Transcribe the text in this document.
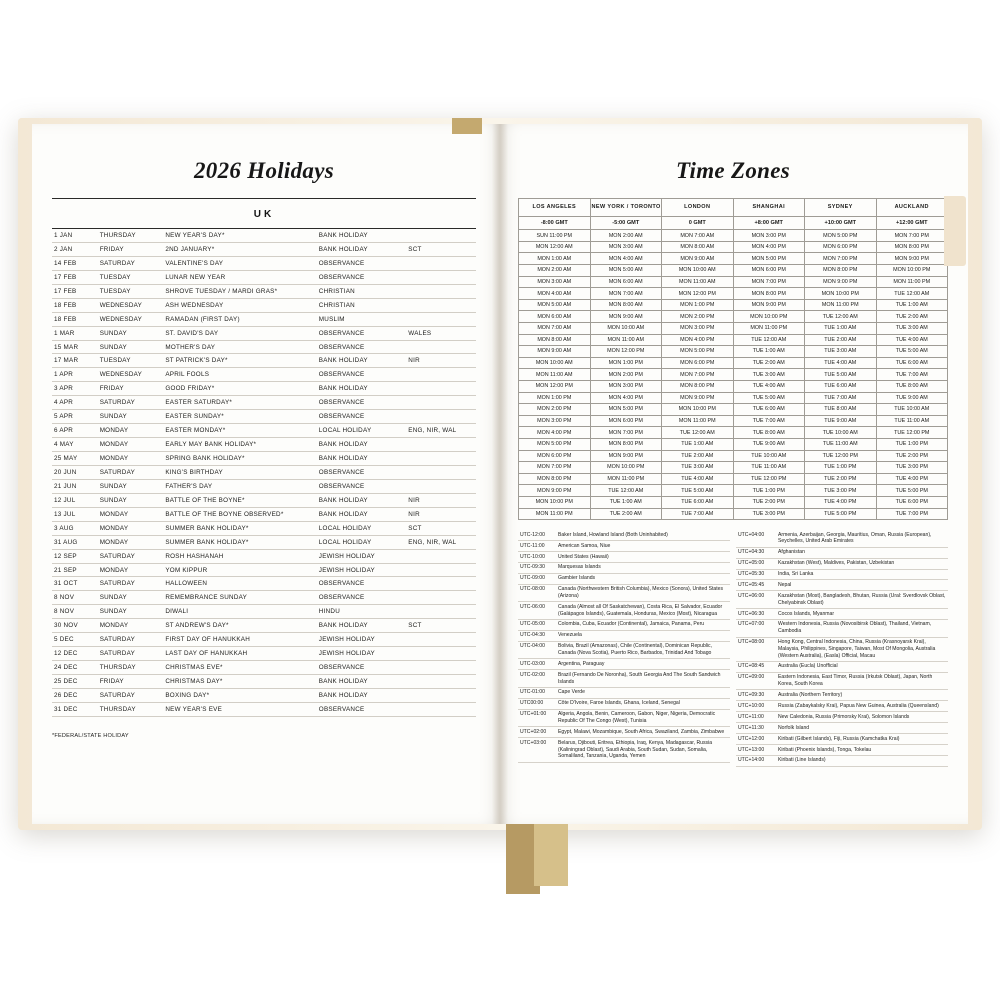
2026 Holidays
UK
1 JAN	THURSDAY	NEW YEAR'S DAY*	BANK HOLIDAY	
2 JAN	FRIDAY	2ND JANUARY*	BANK HOLIDAY	SCT
14 FEB	SATURDAY	VALENTINE'S DAY	OBSERVANCE	
17 FEB	TUESDAY	LUNAR NEW YEAR	OBSERVANCE	
17 FEB	TUESDAY	SHROVE TUESDAY / MARDI GRAS*	CHRISTIAN	
18 FEB	WEDNESDAY	ASH WEDNESDAY	CHRISTIAN	
18 FEB	WEDNESDAY	RAMADAN (FIRST DAY)	MUSLIM	
1 MAR	SUNDAY	ST. DAVID'S DAY	OBSERVANCE	WALES
15 MAR	SUNDAY	MOTHER'S DAY	OBSERVANCE	
17 MAR	TUESDAY	ST PATRICK'S DAY*	BANK HOLIDAY	NIR
1 APR	WEDNESDAY	APRIL FOOLS	OBSERVANCE	
3 APR	FRIDAY	GOOD FRIDAY*	BANK HOLIDAY	
4 APR	SATURDAY	EASTER SATURDAY*	OBSERVANCE	
5 APR	SUNDAY	EASTER SUNDAY*	OBSERVANCE	
6 APR	MONDAY	EASTER MONDAY*	LOCAL HOLIDAY	ENG, NIR, WAL
4 MAY	MONDAY	EARLY MAY BANK HOLIDAY*	BANK HOLIDAY	
25 MAY	MONDAY	SPRING BANK HOLIDAY*	BANK HOLIDAY	
20 JUN	SATURDAY	KING'S BIRTHDAY	OBSERVANCE	
21 JUN	SUNDAY	FATHER'S DAY	OBSERVANCE	
12 JUL	SUNDAY	BATTLE OF THE BOYNE*	BANK HOLIDAY	NIR
13 JUL	MONDAY	BATTLE OF THE BOYNE OBSERVED*	BANK HOLIDAY	NIR
3 AUG	MONDAY	SUMMER BANK HOLIDAY*	LOCAL HOLIDAY	SCT
31 AUG	MONDAY	SUMMER BANK HOLIDAY*	LOCAL HOLIDAY	ENG, NIR, WAL
12 SEP	SATURDAY	ROSH HASHANAH	JEWISH HOLIDAY	
21 SEP	MONDAY	YOM KIPPUR	JEWISH HOLIDAY	
31 OCT	SATURDAY	HALLOWEEN	OBSERVANCE	
8 NOV	SUNDAY	REMEMBRANCE SUNDAY	OBSERVANCE	
8 NOV	SUNDAY	DIWALI	HINDU	
30 NOV	MONDAY	ST ANDREW'S DAY*	BANK HOLIDAY	SCT
5 DEC	SATURDAY	FIRST DAY OF HANUKKAH	JEWISH HOLIDAY	
12 DEC	SATURDAY	LAST DAY OF HANUKKAH	JEWISH HOLIDAY	
24 DEC	THURSDAY	CHRISTMAS EVE*	OBSERVANCE	
25 DEC	FRIDAY	CHRISTMAS DAY*	BANK HOLIDAY	
26 DEC	SATURDAY	BOXING DAY*	BANK HOLIDAY	
31 DEC	THURSDAY	NEW YEAR'S EVE	OBSERVANCE	
*FEDERAL/STATE HOLIDAY
Time Zones
LOS ANGELES	NEW YORK / TORONTO	LONDON	SHANGHAI	SYDNEY	AUCKLAND
-8:00 GMT	-5:00 GMT	0 GMT	+8:00 GMT	+10:00 GMT	+12:00 GMT
SUN 11:00 PM	MON 2:00 AM	MON 7:00 AM	MON 3:00 PM	MON 5:00 PM	MON 7:00 PM
MON 12:00 AM	MON 3:00 AM	MON 8:00 AM	MON 4:00 PM	MON 6:00 PM	MON 8:00 PM
MON 1:00 AM	MON 4:00 AM	MON 9:00 AM	MON 5:00 PM	MON 7:00 PM	MON 9:00 PM
MON 2:00 AM	MON 5:00 AM	MON 10:00 AM	MON 6:00 PM	MON 8:00 PM	MON 10:00 PM
MON 3:00 AM	MON 6:00 AM	MON 11:00 AM	MON 7:00 PM	MON 9:00 PM	MON 11:00 PM
MON 4:00 AM	MON 7:00 AM	MON 12:00 PM	MON 8:00 PM	MON 10:00 PM	TUE 12:00 AM
MON 5:00 AM	MON 8:00 AM	MON 1:00 PM	MON 9:00 PM	MON 11:00 PM	TUE 1:00 AM
MON 6:00 AM	MON 9:00 AM	MON 2:00 PM	MON 10:00 PM	TUE 12:00 AM	TUE 2:00 AM
MON 7:00 AM	MON 10:00 AM	MON 3:00 PM	MON 11:00 PM	TUE 1:00 AM	TUE 3:00 AM
MON 8:00 AM	MON 11:00 AM	MON 4:00 PM	TUE 12:00 AM	TUE 2:00 AM	TUE 4:00 AM
MON 9:00 AM	MON 12:00 PM	MON 5:00 PM	TUE 1:00 AM	TUE 3:00 AM	TUE 5:00 AM
MON 10:00 AM	MON 1:00 PM	MON 6:00 PM	TUE 2:00 AM	TUE 4:00 AM	TUE 6:00 AM
MON 11:00 AM	MON 2:00 PM	MON 7:00 PM	TUE 3:00 AM	TUE 5:00 AM	TUE 7:00 AM
MON 12:00 PM	MON 3:00 PM	MON 8:00 PM	TUE 4:00 AM	TUE 6:00 AM	TUE 8:00 AM
MON 1:00 PM	MON 4:00 PM	MON 9:00 PM	TUE 5:00 AM	TUE 7:00 AM	TUE 9:00 AM
MON 2:00 PM	MON 5:00 PM	MON 10:00 PM	TUE 6:00 AM	TUE 8:00 AM	TUE 10:00 AM
MON 3:00 PM	MON 6:00 PM	MON 11:00 PM	TUE 7:00 AM	TUE 9:00 AM	TUE 11:00 AM
MON 4:00 PM	MON 7:00 PM	TUE 12:00 AM	TUE 8:00 AM	TUE 10:00 AM	TUE 12:00 PM
MON 5:00 PM	MON 8:00 PM	TUE 1:00 AM	TUE 9:00 AM	TUE 11:00 AM	TUE 1:00 PM
MON 6:00 PM	MON 9:00 PM	TUE 2:00 AM	TUE 10:00 AM	TUE 12:00 PM	TUE 2:00 PM
MON 7:00 PM	MON 10:00 PM	TUE 3:00 AM	TUE 11:00 AM	TUE 1:00 PM	TUE 3:00 PM
MON 8:00 PM	MON 11:00 PM	TUE 4:00 AM	TUE 12:00 PM	TUE 2:00 PM	TUE 4:00 PM
MON 9:00 PM	TUE 12:00 AM	TUE 5:00 AM	TUE 1:00 PM	TUE 3:00 PM	TUE 5:00 PM
MON 10:00 PM	TUE 1:00 AM	TUE 6:00 AM	TUE 2:00 PM	TUE 4:00 PM	TUE 6:00 PM
MON 11:00 PM	TUE 2:00 AM	TUE 7:00 AM	TUE 3:00 PM	TUE 5:00 PM	TUE 7:00 PM
UTC-12:00	Baker Island, Howland Island (Both Uninhabited)
UTC-11:00	American Samoa, Niue
UTC-10:00	United States (Hawaii)
UTC-09:30	Marquesas Islands
UTC-09:00	Gambier Islands
UTC-08:00	Canada (Northwestern British Columbia), Mexico (Sonora), United States (Arizona)
UTC-06:00	Canada (Almost all Of Saskatchewan), Costa Rica, El Salvador, Ecuador (Galápagos Islands), Guatemala, Honduras, Mexico (Most), Nicaragua
UTC-05:00	Colombia, Cuba, Ecuador (Continental), Jamaica, Panama, Peru
UTC-04:30	Venezuela
UTC-04:00	Bolivia, Brazil (Amazonas), Chile (Continental), Dominican Republic, Canada (Nova Scotia), Puerto Rico, Barbados, Trinidad And Tobago
UTC-03:00	Argentina, Paraguay
UTC-02:00	Brazil (Fernando De Noronha), South Georgia And The South Sandwich Islands
UTC-01:00	Cape Verde
UTC00:00	Côte D'Ivoire, Faroe Islands, Ghana, Iceland, Senegal
UTC+01:00	Algeria, Angola, Benin, Cameroon, Gabon, Niger, Nigeria, Democratic Republic Of The Congo (West), Tunisia
UTC+02:00	Egypt, Malawi, Mozambique, South Africa, Swaziland, Zambia, Zimbabwe
UTC+03:00	Belarus, Djibouti, Eritrea, Ethiopia, Iraq, Kenya, Madagascar, Russia (Kaliningrad Oblast), Saudi Arabia, South Sudan, Sudan, Somalia, Somaliland, Tanzania, Uganda, Yemen
UTC+04:00	Armenia, Azerbaijan, Georgia, Mauritius, Oman, Russia (European), Seychelles, United Arab Emirates
UTC+04:30	Afghanistan
UTC+05:00	Kazakhstan (West), Maldives, Pakistan, Uzbekistan
UTC+05:30	India, Sri Lanka
UTC+05:45	Nepal
UTC+06:00	Kazakhstan (Most), Bangladesh, Bhutan, Russia (Ural: Sverdlovsk Oblast, Chelyabinsk Oblast)
UTC+06:30	Cocos Islands, Myanmar
UTC+07:00	Western Indonesia, Russia (Novosibirsk Oblast), Thailand, Vietnam, Cambodia
UTC+08:00	Hong Kong, Central Indonesia, China, Russia (Krasnoyarsk Krai), Malaysia, Philippines, Singapore, Taiwan, Most Of Mongolia, Australia (Western Australia), (Easla) Official, Macau
UTC+08:45	Australia (Eucla) Unofficial
UTC+09:00	Eastern Indonesia, East Timor, Russia (Irkutsk Oblast), Japan, North Korea, South Korea
UTC+09:30	Australia (Northern Territory)
UTC+10:00	Russia (Zabaykalsky Krai), Papua New Guinea, Australia (Queensland)
UTC+11:00	New Caledonia, Russia (Primorsky Krai), Solomon Islands
UTC+11:30	Norfolk Island
UTC+12:00	Kiribati (Gilbert Islands), Fiji, Russia (Kamchatka Krai)
UTC+13:00	Kiribati (Phoenix Islands), Tonga, Tokelau
UTC+14:00	Kiribati (Line Islands)
